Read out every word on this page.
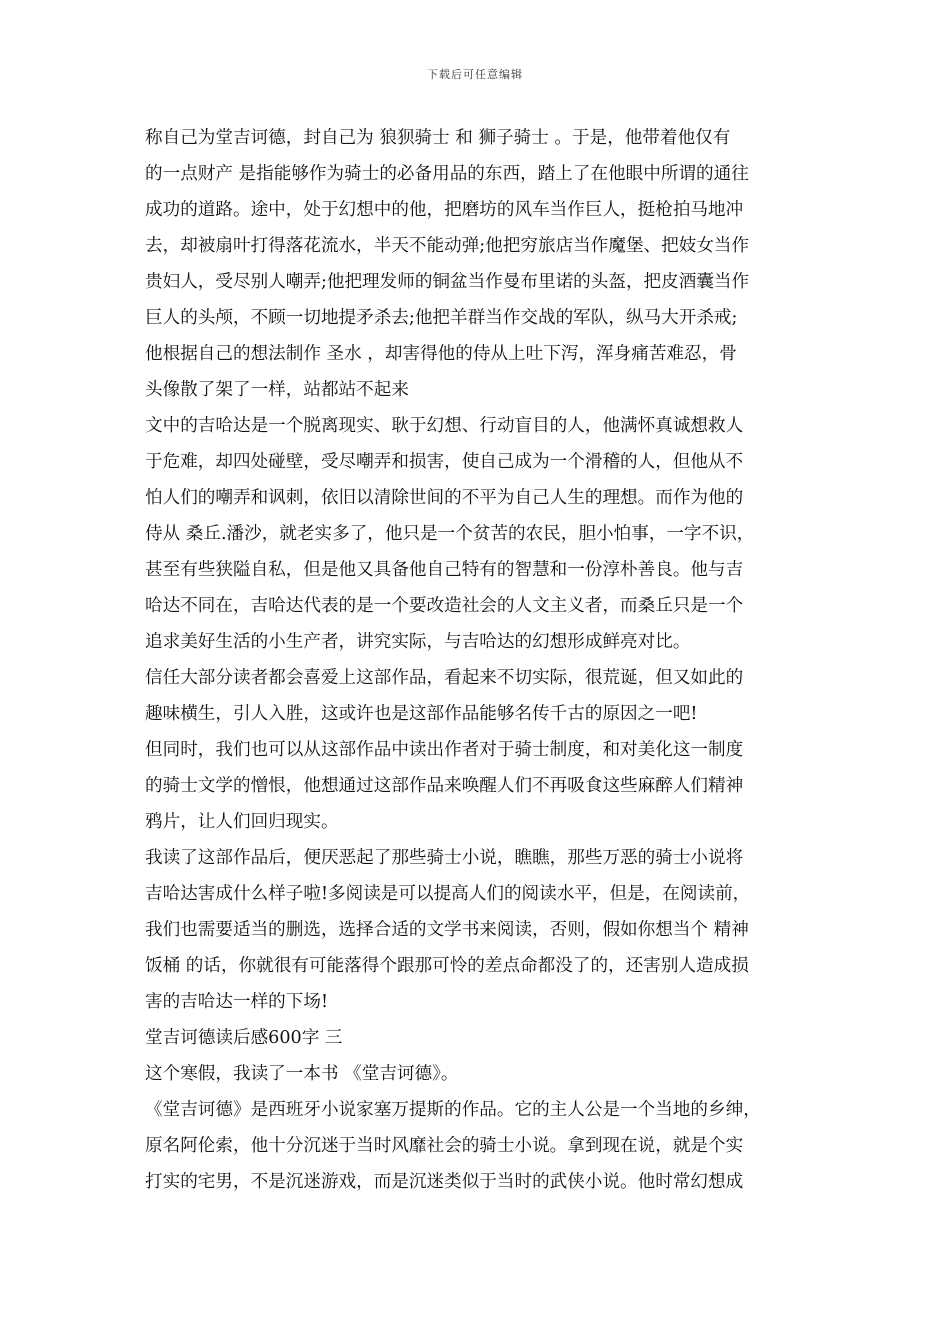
下载后可任意编辑
称自己为堂吉诃德，封自己为 狼狈骑士 和 狮子骑士 。于是，他带着他仅有
的一点财产 是指能够作为骑士的必备用品的东西，踏上了在他眼中所谓的通往
成功的道路。途中，处于幻想中的他，把磨坊的风车当作巨人，挺枪拍马地冲
去，却被扇叶打得落花流水，半天不能动弹;他把穷旅店当作魔堡、把妓女当作
贵妇人，受尽别人嘲弄;他把理发师的铜盆当作曼布里诺的头盔，把皮酒囊当作
巨人的头颅，不顾一切地提矛杀去;他把羊群当作交战的军队，纵马大开杀戒;
他根据自己的想法制作 圣水 ，却害得他的侍从上吐下泻，浑身痛苦难忍，骨
头像散了架了一样，站都站不起来
文中的吉哈达是一个脱离现实、耿于幻想、行动盲目的人，他满怀真诚想救人
于危难，却四处碰壁，受尽嘲弄和损害，使自己成为一个滑稽的人，但他从不
怕人们的嘲弄和讽刺，依旧以清除世间的不平为自己人生的理想。而作为他的
侍从 桑丘.潘沙，就老实多了，他只是一个贫苦的农民，胆小怕事，一字不识，
甚至有些狭隘自私，但是他又具备他自己特有的智慧和一份淳朴善良。他与吉
哈达不同在，吉哈达代表的是一个要改造社会的人文主义者，而桑丘只是一个
追求美好生活的小生产者，讲究实际，与吉哈达的幻想形成鲜亮对比。
信任大部分读者都会喜爱上这部作品，看起来不切实际，很荒诞，但又如此的
趣味横生，引人入胜，这或许也是这部作品能够名传千古的原因之一吧!
但同时，我们也可以从这部作品中读出作者对于骑士制度，和对美化这一制度
的骑士文学的憎恨，他想通过这部作品来唤醒人们不再吸食这些麻醉人们精神
鸦片，让人们回归现实。
我读了这部作品后，便厌恶起了那些骑士小说，瞧瞧，那些万恶的骑士小说将
吉哈达害成什么样子啦!多阅读是可以提高人们的阅读水平，但是，在阅读前，
我们也需要适当的删选，选择合适的文学书来阅读，否则，假如你想当个 精神
饭桶 的话，你就很有可能落得个跟那可怜的差点命都没了的，还害别人造成损
害的吉哈达一样的下场!
堂吉诃德读后感600字 三
这个寒假，我读了一本书 《堂吉诃德》。
《堂吉诃德》是西班牙小说家塞万提斯的作品。它的主人公是一个当地的乡绅，
原名阿伦索，他十分沉迷于当时风靡社会的骑士小说。拿到现在说，就是个实
打实的宅男，不是沉迷游戏，而是沉迷类似于当时的武侠小说。他时常幻想成
